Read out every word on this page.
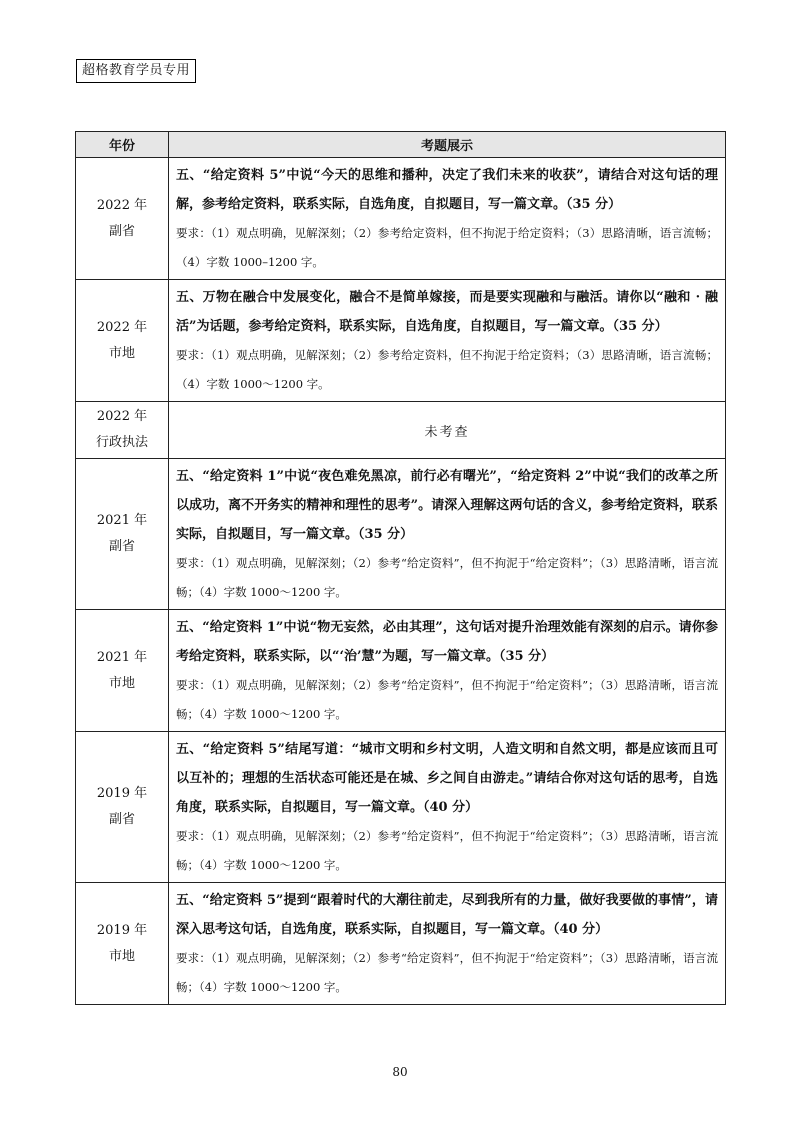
超格教育学员专用
年份	考题展示

2022 年
副省	五、“给定资料 5”中说“今天的思维和播种，决定了我们未来的收获”，请结合对这句话的理解，参考给定资料，联系实际，自选角度，自拟题目，写一篇文章。（35 分）
要求：（1）观点明确，见解深刻；（2）参考给定资料，但不拘泥于给定资料；（3）思路清晰，语言流畅；（4）字数 1000–1200 字。

2022 年
市地	五、万物在融合中发展变化，融合不是简单嫁接，而是要实现融和与融活。请你以“融和 · 融活”为话题，参考给定资料，联系实际，自选角度，自拟题目，写一篇文章。（35 分）
要求：（1）观点明确，见解深刻；（2）参考给定资料，但不拘泥于给定资料；（3）思路清晰，语言流畅；（4）字数 1000～1200 字。

2022 年
行政执法	未考查

2021 年
副省	五、“给定资料 1”中说“夜色难免黑凉，前行必有曙光”，“给定资料 2”中说“我们的改革之所以成功，离不开务实的精神和理性的思考”。请深入理解这两句话的含义，参考给定资料，联系实际，自拟题目，写一篇文章。（35 分）
要求：（1）观点明确，见解深刻；（2）参考“给定资料”，但不拘泥于“给定资料”；（3）思路清晰，语言流畅；（4）字数 1000～1200 字。

2021 年
市地	五、“给定资料 1”中说“物无妄然，必由其理”，这句话对提升治理效能有深刻的启示。请你参考给定资料，联系实际，以“‘治’慧”为题，写一篇文章。（35 分）
要求：（1）观点明确，见解深刻；（2）参考“给定资料”，但不拘泥于“给定资料”；（3）思路清晰，语言流畅；（4）字数 1000～1200 字。

2019 年
副省	五、“给定资料 5”结尾写道：“城市文明和乡村文明，人造文明和自然文明，都是应该而且可以互补的；理想的生活状态可能还是在城、乡之间自由游走。”请结合你对这句话的思考，自选角度，联系实际，自拟题目，写一篇文章。（40 分）
要求：（1）观点明确，见解深刻；（2）参考“给定资料”，但不拘泥于“给定资料”；（3）思路清晰，语言流畅；（4）字数 1000～1200 字。

2019 年
市地	五、“给定资料 5”提到“跟着时代的大潮往前走，尽到我所有的力量，做好我要做的事情”，请深入思考这句话，自选角度，联系实际，自拟题目，写一篇文章。（40 分）
要求：（1）观点明确，见解深刻；（2）参考“给定资料”，但不拘泥于“给定资料”；（3）思路清晰，语言流畅；（4）字数 1000～1200 字。
80
